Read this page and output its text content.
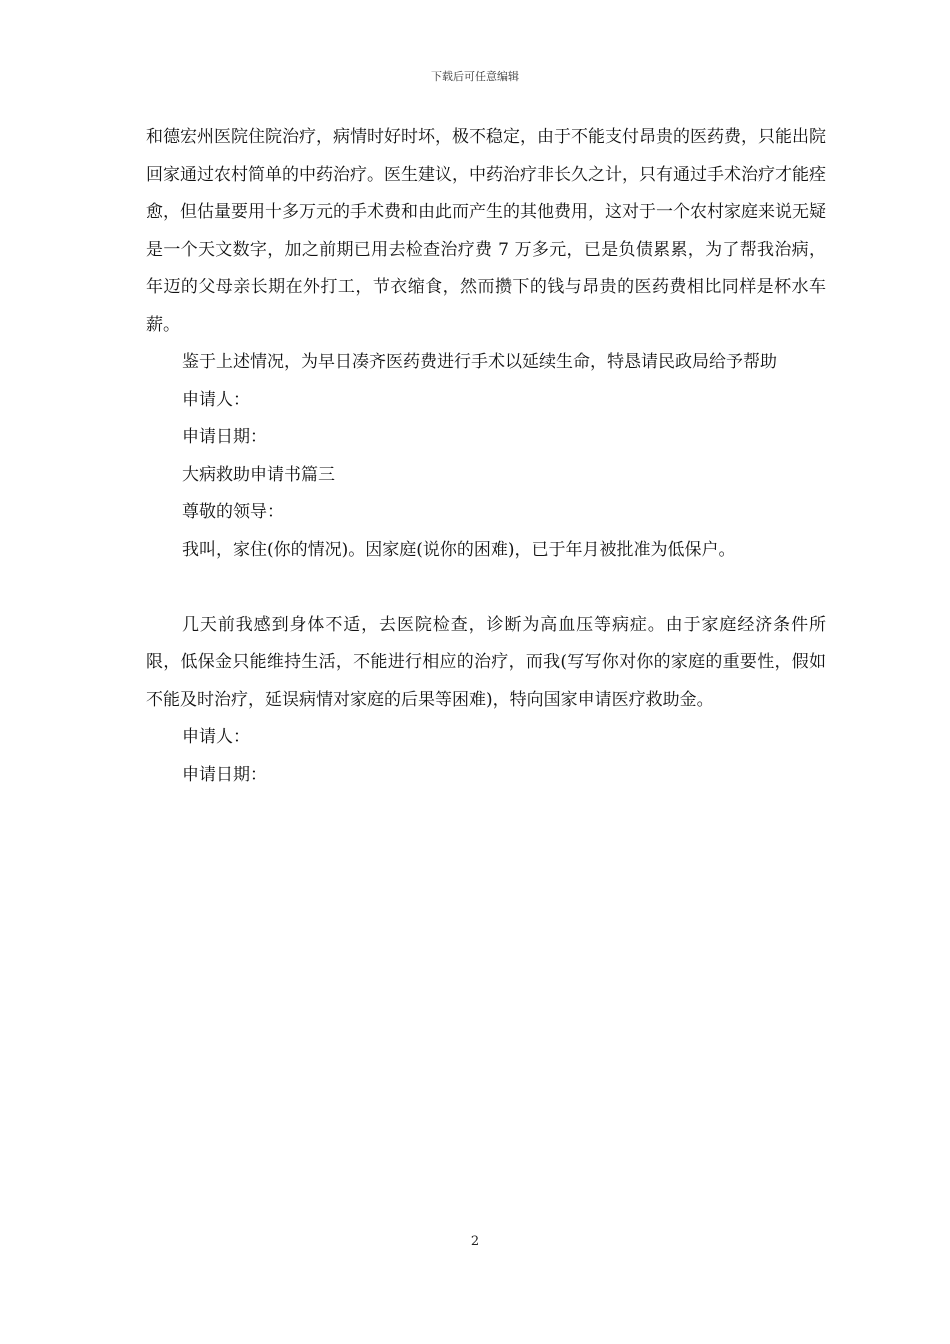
下载后可任意编辑

和德宏州医院住院治疗，病情时好时坏，极不稳定，由于不能支付昂贵的医药费，只能出院回家通过农村简单的中药治疗。医生建议，中药治疗非长久之计，只有通过手术治疗才能痊愈，但估量要用十多万元的手术费和由此而产生的其他费用，这对于一个农村家庭来说无疑是一个天文数字，加之前期已用去检查治疗费 7 万多元，已是负债累累，为了帮我治病，年迈的父母亲长期在外打工，节衣缩食，然而攒下的钱与昂贵的医药费相比同样是杯水车薪。

鉴于上述情况，为早日凑齐医药费进行手术以延续生命，特恳请民政局给予帮助

申请人：

申请日期：

大病救助申请书篇三

尊敬的领导：

我叫，家住(你的情况)。因家庭(说你的困难)，已于年月被批准为低保户。

几天前我感到身体不适，去医院检查，诊断为高血压等病症。由于家庭经济条件所限，低保金只能维持生活，不能进行相应的治疗，而我(写写你对你的家庭的重要性，假如不能及时治疗，延误病情对家庭的后果等困难)，特向国家申请医疗救助金。

申请人：

申请日期：

2
